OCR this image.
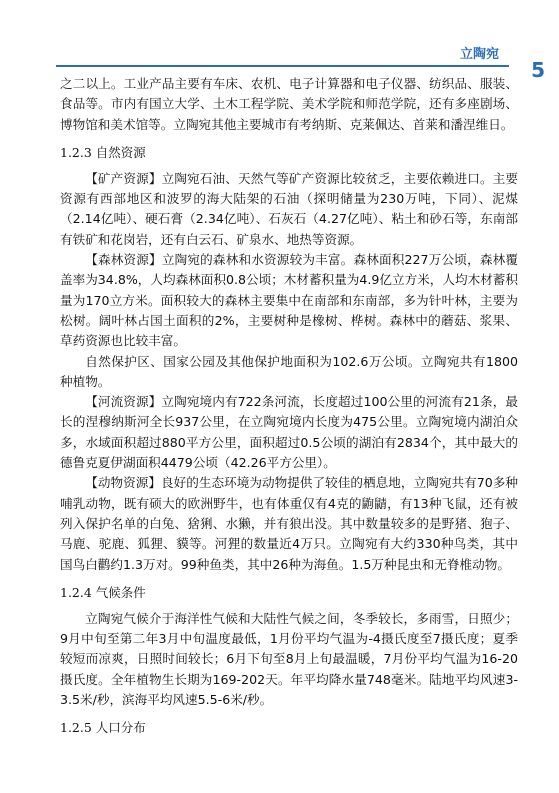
立陶宛
5

之二以上。工业产品主要有车床、农机、电子计算器和电子仪器、纺织品、服装、食品等。市内有国立大学、土木工程学院、美术学院和师范学院，还有多座剧场、博物馆和美术馆等。立陶宛其他主要城市有考纳斯、克莱佩达、首莱和潘涅维日。

1.2.3 自然资源

【矿产资源】立陶宛石油、天然气等矿产资源比较贫乏，主要依赖进口。主要资源有西部地区和波罗的海大陆架的石油（探明储量为230万吨，下同）、泥煤（2.14亿吨）、硬石膏（2.34亿吨）、石灰石（4.27亿吨）、粘土和砂石等，东南部有铁矿和花岗岩，还有白云石、矿泉水、地热等资源。

【森林资源】立陶宛的森林和水资源较为丰富。森林面积227万公顷，森林覆盖率为34.8%，人均森林面积0.8公顷；木材蓄积量为4.9亿立方米，人均木材蓄积量为170立方米。面积较大的森林主要集中在南部和东南部，多为针叶林，主要为松树。阔叶林占国土面积的2%，主要树种是橡树、桦树。森林中的蘑菇、浆果、草药资源也比较丰富。

自然保护区、国家公园及其他保护地面积为102.6万公顷。立陶宛共有1800种植物。

【河流资源】立陶宛境内有722条河流，长度超过100公里的河流有21条，最长的涅穆纳斯河全长937公里，在立陶宛境内长度为475公里。立陶宛境内湖泊众多，水域面积超过880平方公里，面积超过0.5公顷的湖泊有2834个，其中最大的德鲁克夏伊湖面积4479公顷（42.26平方公里）。

【动物资源】良好的生态环境为动物提供了较佳的栖息地，立陶宛共有70多种哺乳动物，既有硕大的欧洲野牛，也有体重仅有4克的鼩鼱，有13种飞鼠，还有被列入保护名单的白兔、猞猁、水獭，并有狼出没。其中数量较多的是野猪、狍子、马鹿、驼鹿、狐狸、貘等。河狸的数量近4万只。立陶宛有大约330种鸟类，其中国鸟白鹳约1.3万对。99种鱼类，其中26种为海鱼。1.5万种昆虫和无脊椎动物。

1.2.4 气候条件

立陶宛气候介于海洋性气候和大陆性气候之间，冬季较长，多雨雪，日照少；9月中旬至第二年3月中旬温度最低，1月份平均气温为-4摄氏度至7摄氏度；夏季较短而凉爽，日照时间较长；6月下旬至8月上旬最温暖，7月份平均气温为16-20摄氏度。全年植物生长期为169-202天。年平均降水量748毫米。陆地平均风速3-3.5米/秒，滨海平均风速5.5-6米/秒。

1.2.5 人口分布
